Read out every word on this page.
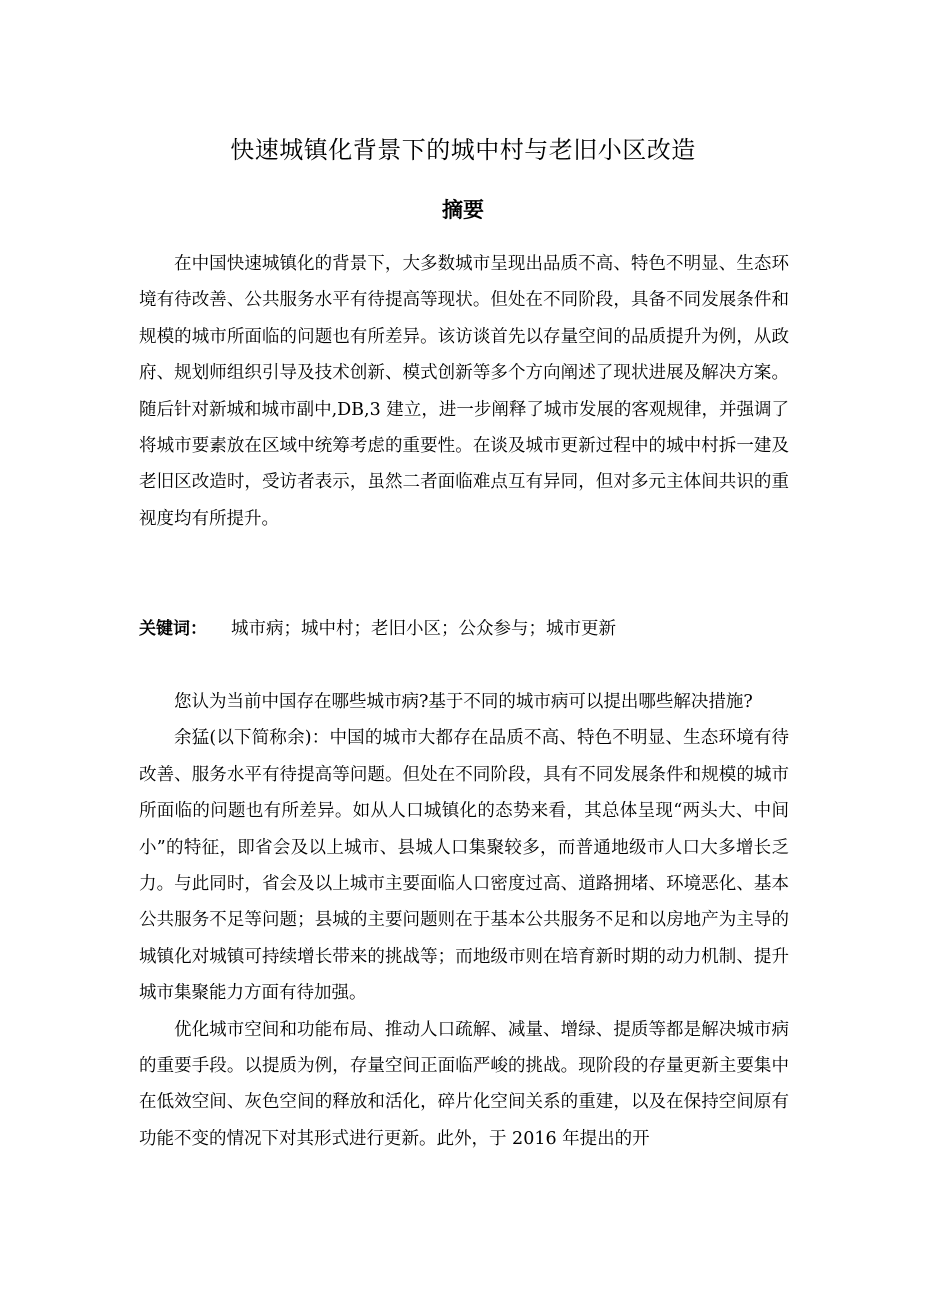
快速城镇化背景下的城中村与老旧小区改造
摘要

在中国快速城镇化的背景下，大多数城市呈现出品质不高、特色不明显、生态环境有待改善、公共服务水平有待提高等现状。但处在不同阶段，具备不同发展条件和规模的城市所面临的问题也有所差异。该访谈首先以存量空间的品质提升为例，从政府、规划师组织引导及技术创新、模式创新等多个方向阐述了现状进展及解决方案。随后针对新城和城市副中,DB,3 建立，进一步阐释了城市发展的客观规律，并强调了将城市要素放在区域中统筹考虑的重要性。在谈及城市更新过程中的城中村拆一建及老旧区改造时，受访者表示，虽然二者面临难点互有异同，但对多元主体间共识的重视度均有所提升。

关键词： 城市病；城中村；老旧小区；公众参与；城市更新

您认为当前中国存在哪些城市病?基于不同的城市病可以提出哪些解决措施?

余猛(以下简称余)：中国的城市大都存在品质不高、特色不明显、生态环境有待改善、服务水平有待提高等问题。但处在不同阶段，具有不同发展条件和规模的城市所面临的问题也有所差异。如从人口城镇化的态势来看，其总体呈现“两头大、中间小”的特征，即省会及以上城市、县城人口集聚较多，而普通地级市人口大多增长乏力。与此同时，省会及以上城市主要面临人口密度过高、道路拥堵、环境恶化、基本公共服务不足等问题；县城的主要问题则在于基本公共服务不足和以房地产为主导的城镇化对城镇可持续增长带来的挑战等；而地级市则在培育新时期的动力机制、提升城市集聚能力方面有待加强。

优化城市空间和功能布局、推动人口疏解、减量、增绿、提质等都是解决城市病的重要手段。以提质为例，存量空间正面临严峻的挑战。现阶段的存量更新主要集中在低效空间、灰色空间的释放和活化，碎片化空间关系的重建，以及在保持空间原有功能不变的情况下对其形式进行更新。此外，于 2016 年提出的开
